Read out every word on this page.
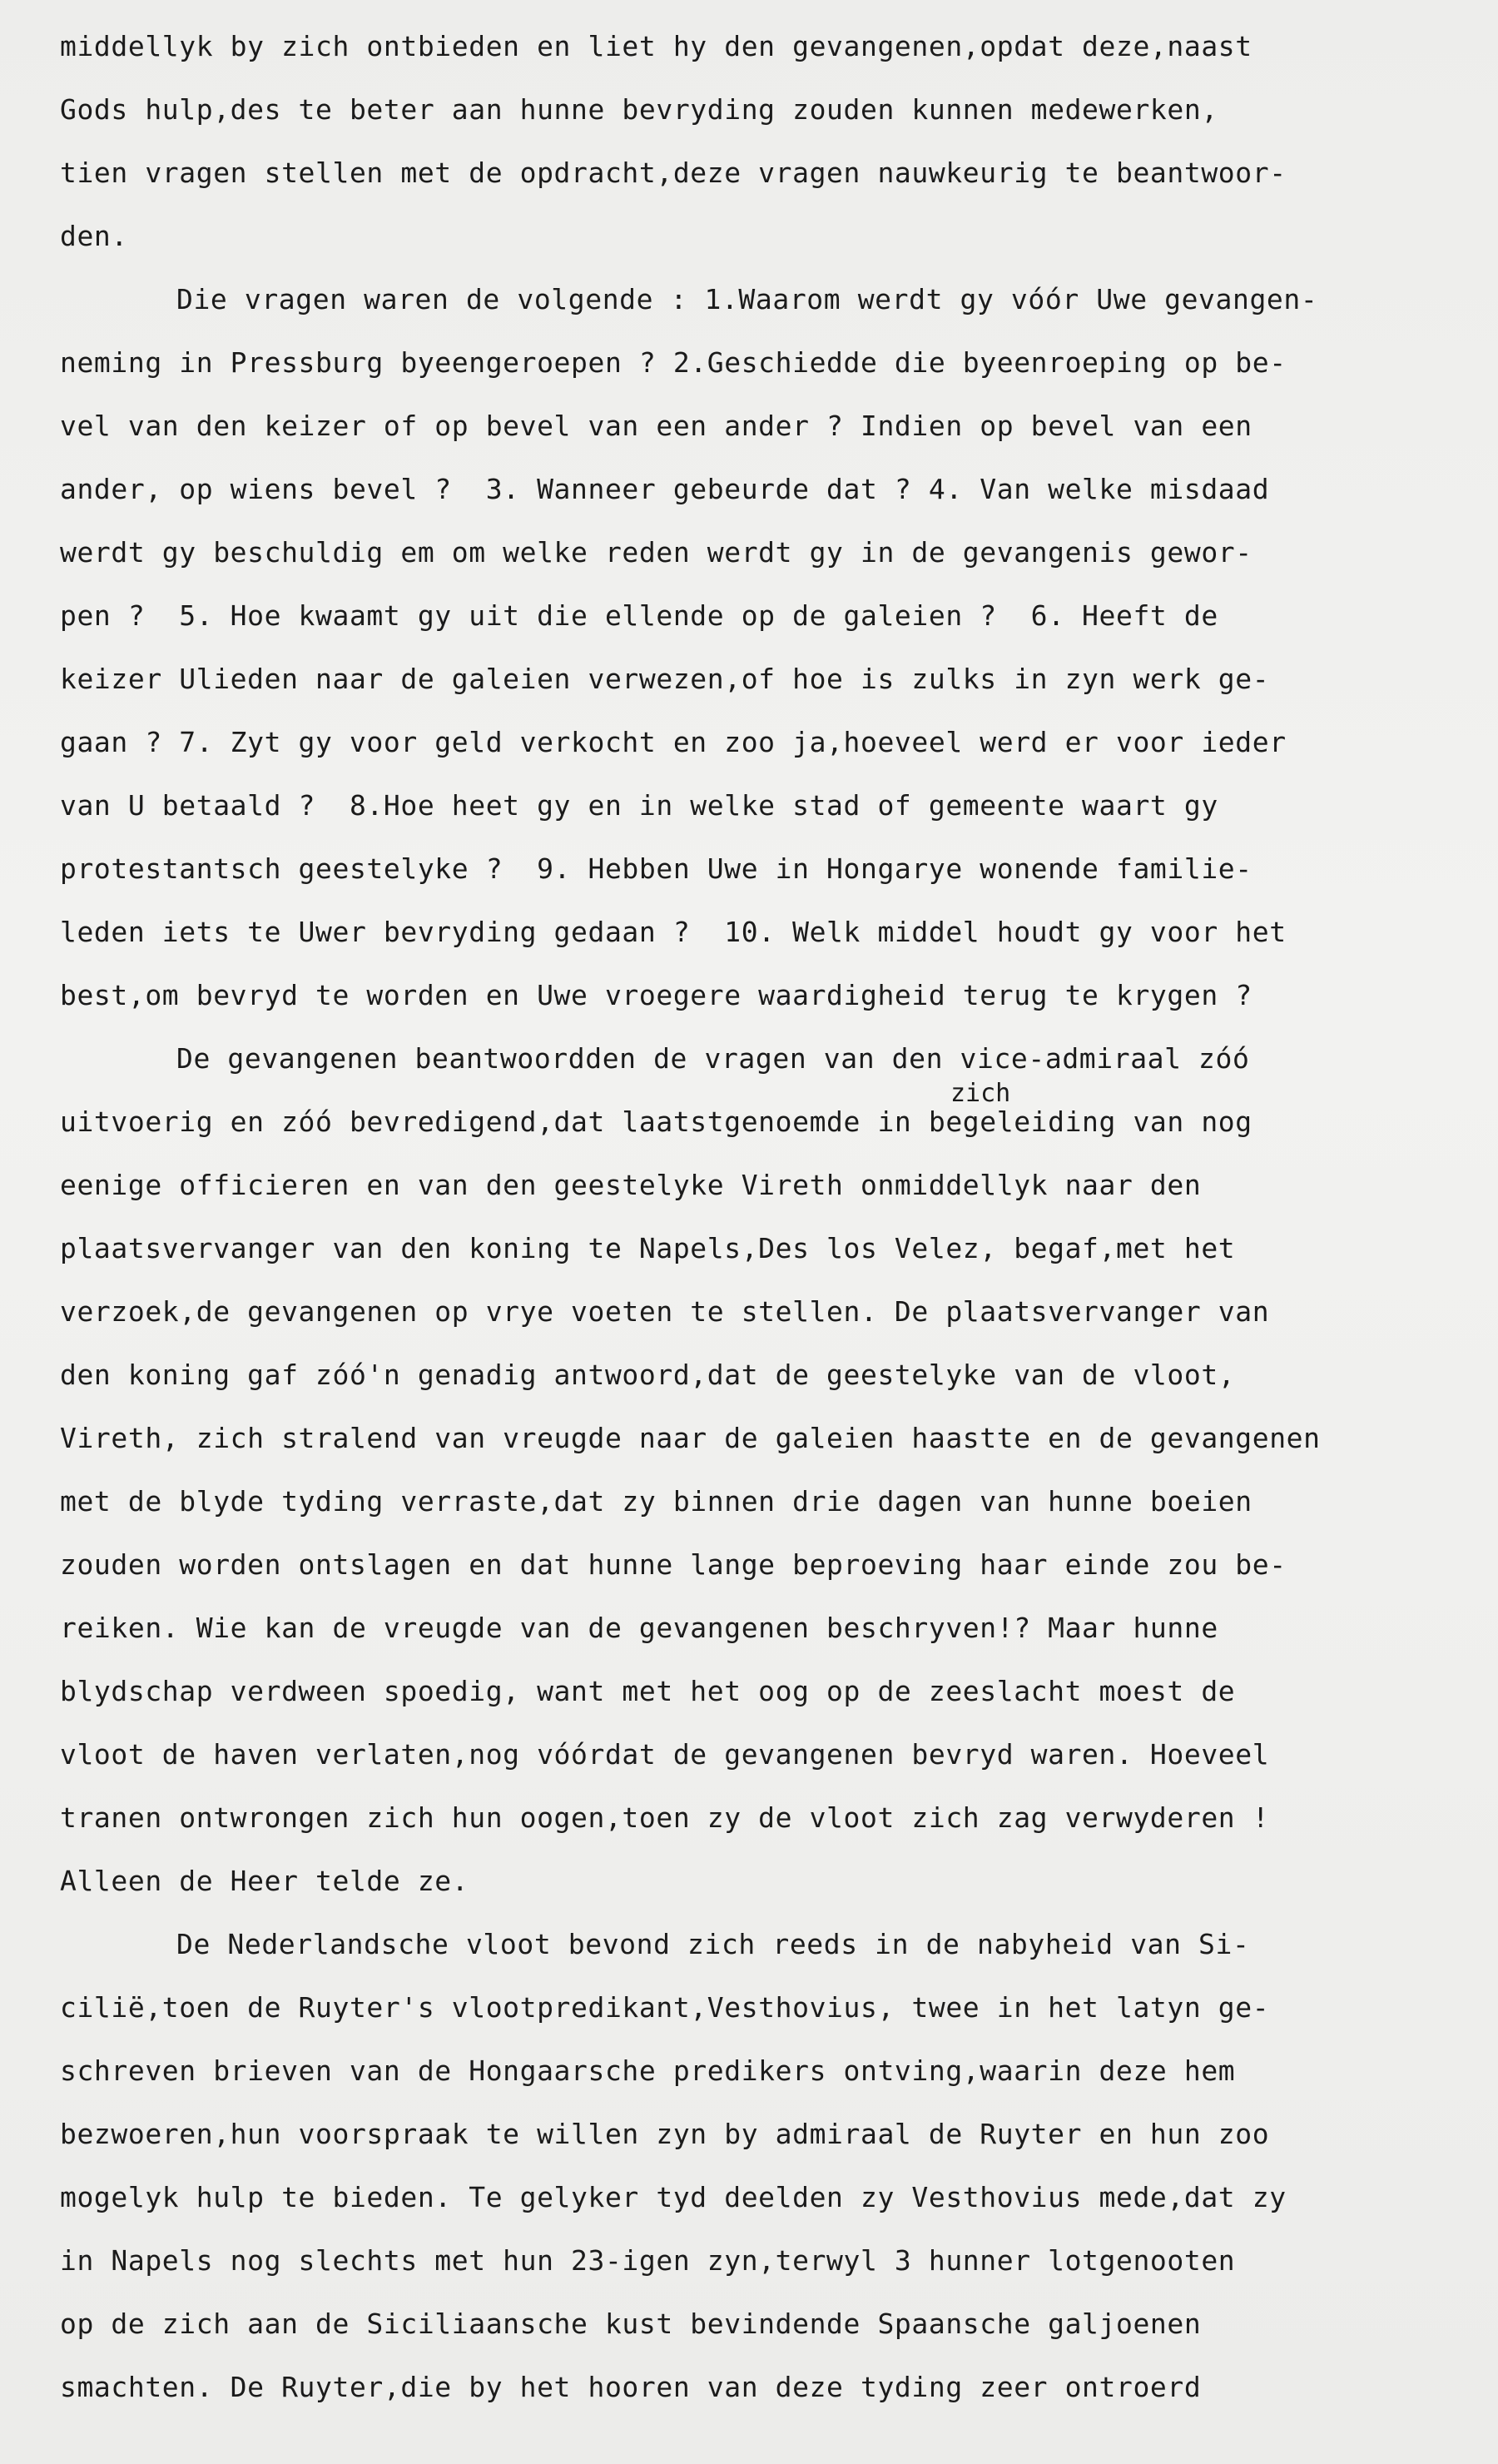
middellyk by zich ontbieden en liet hy den gevangenen,opdat deze,naast
Gods hulp,des te beter aan hunne bevryding zouden kunnen medewerken,
tien vragen stellen met de opdracht,deze vragen nauwkeurig te beantwoor-
den.
Die vragen waren de volgende : 1.Waarom werdt gy vóór Uwe gevangen-
neming in Pressburg byeengeroepen ? 2.Geschiedde die byeenroeping op be-
vel van den keizer of op bevel van een ander ? Indien op bevel van een
ander, op wiens bevel ?  3. Wanneer gebeurde dat ? 4. Van welke misdaad
werdt gy beschuldig em om welke reden werdt gy in de gevangenis gewor-
pen ?  5. Hoe kwaamt gy uit die ellende op de galeien ?  6. Heeft de
keizer Ulieden naar de galeien verwezen,of hoe is zulks in zyn werk ge-
gaan ? 7. Zyt gy voor geld verkocht en zoo ja,hoeveel werd er voor ieder
van U betaald ?  8.Hoe heet gy en in welke stad of gemeente waart gy
protestantsch geestelyke ?  9. Hebben Uwe in Hongarye wonende familie-
leden iets te Uwer bevryding gedaan ?  10. Welk middel houdt gy voor het
best,om bevryd te worden en Uwe vroegere waardigheid terug te krygen ?
De gevangenen beantwoordden de vragen van den vice-admiraal zóó
uitvoerig en zóó bevredigend,dat laatstgenoemde in begeleiding van nog
eenige officieren en van den geestelyke Vireth onmiddellyk naar den
plaatsvervanger van den koning te Napels,Des los Velez, begaf,met het
verzoek,de gevangenen op vrye voeten te stellen. De plaatsvervanger van
den koning gaf zóó'n genadig antwoord,dat de geestelyke van de vloot,
Vireth, zich stralend van vreugde naar de galeien haastte en de gevangenen
met de blyde tyding verraste,dat zy binnen drie dagen van hunne boeien
zouden worden ontslagen en dat hunne lange beproeving haar einde zou be-
reiken. Wie kan de vreugde van de gevangenen beschryven!? Maar hunne
blydschap verdween spoedig, want met het oog op de zeeslacht moest de
vloot de haven verlaten,nog vóórdat de gevangenen bevryd waren. Hoeveel
tranen ontwrongen zich hun oogen,toen zy de vloot zich zag verwyderen !
Alleen de Heer telde ze.
De Nederlandsche vloot bevond zich reeds in de nabyheid van Si-
cilië,toen de Ruyter's vlootpredikant,Vesthovius, twee in het latyn ge-
schreven brieven van de Hongaarsche predikers ontving,waarin deze hem
bezwoeren,hun voorspraak te willen zyn by admiraal de Ruyter en hun zoo
mogelyk hulp te bieden. Te gelyker tyd deelden zy Vesthovius mede,dat zy
in Napels nog slechts met hun 23-igen zyn,terwyl 3 hunner lotgenooten
op de zich aan de Siciliaansche kust bevindende Spaansche galjoenen
smachten. De Ruyter,die by het hooren van deze tyding zeer ontroerd
zich
